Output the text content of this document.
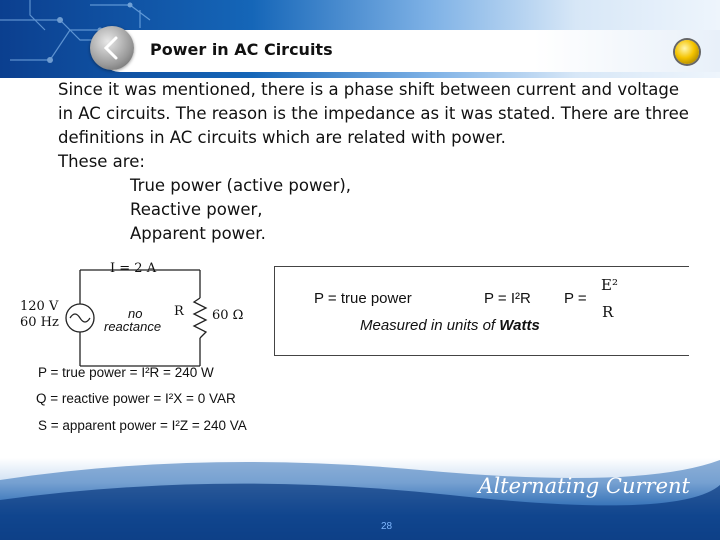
Power in AC Circuits

Since it was mentioned, there is a phase shift between current and voltage in AC circuits. The reason is the impedance as it was stated. There are three definitions in AC circuits which are related with power.

These are:

True power (active power),

Reactive power,

Apparent power.

I = 2 A
120 V
60 Hz
no
reactance
R 60 Ω
P = true power = I²R = 240 W
Q = reactive power = I²X = 0 VAR
S = apparent power = I²Z = 240 VA
P = true power	P = I²R P =
E²
R
Measured in units of Watts
Alternating Current
28
